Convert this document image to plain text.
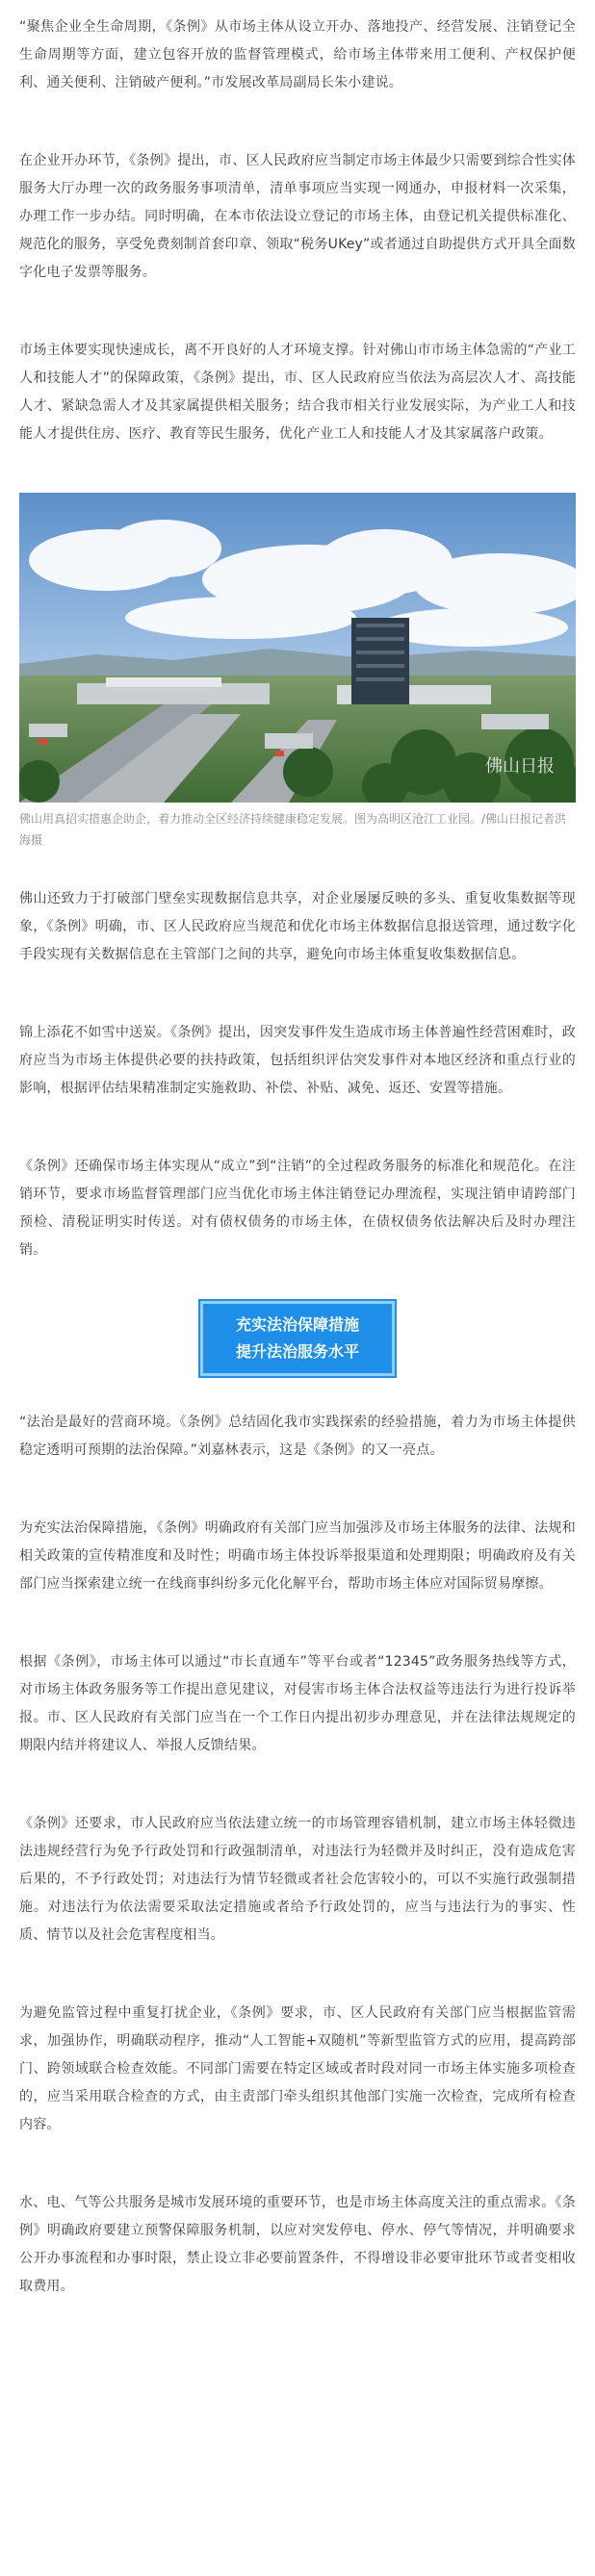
“聚焦企业全生命周期，《条例》从市场主体从设立开办、落地投产、经营发展、注销登记全生命周期等方面，建立包容开放的监督管理模式，给市场主体带来用工便利、产权保护便利、通关便利、注销破产便利。”市发展改革局副局长朱小建说。

在企业开办环节，《条例》提出，市、区人民政府应当制定市场主体最少只需要到综合性实体服务大厅办理一次的政务服务事项清单，清单事项应当实现一网通办，申报材料一次采集，办理工作一步办结。同时明确，在本市依法设立登记的市场主体，由登记机关提供标准化、规范化的服务，享受免费刻制首套印章、领取“税务UKey”或者通过自助提供方式开具全面数字化电子发票等服务。

市场主体要实现快速成长，离不开良好的人才环境支撑。针对佛山市市场主体急需的“产业工人和技能人才”的保障政策，《条例》提出，市、区人民政府应当依法为高层次人才、高技能人才、紧缺急需人才及其家属提供相关服务；结合我市相关行业发展实际，为产业工人和技能人才提供住房、医疗、教育等民生服务，优化产业工人和技能人才及其家属落户政策。

佛山日报

佛山用真招实措惠企助企，着力推动全区经济持续健康稳定发展。图为高明区沧江工业园。/佛山日报记者洪海摄

佛山还致力于打破部门壁垒实现数据信息共享，对企业屡屡反映的多头、重复收集数据等现象，《条例》明确，市、区人民政府应当规范和优化市场主体数据信息报送管理，通过数字化手段实现有关数据信息在主管部门之间的共享，避免向市场主体重复收集数据信息。

锦上添花不如雪中送炭。《条例》提出，因突发事件发生造成市场主体普遍性经营困难时，政府应当为市场主体提供必要的扶持政策，包括组织评估突发事件对本地区经济和重点行业的影响，根据评估结果精准制定实施救助、补偿、补贴、减免、返还、安置等措施。

《条例》还确保市场主体实现从“成立”到“注销”的全过程政务服务的标准化和规范化。在注销环节，要求市场监督管理部门应当优化市场主体注销登记办理流程，实现注销申请跨部门预检、清税证明实时传送。对有债权债务的市场主体，在债权债务依法解决后及时办理注销。

充实法治保障措施
提升法治服务水平

“法治是最好的营商环境。《条例》总结固化我市实践探索的经验措施，着力为市场主体提供稳定透明可预期的法治保障。”刘嘉林表示，这是《条例》的又一亮点。

为充实法治保障措施，《条例》明确政府有关部门应当加强涉及市场主体服务的法律、法规和相关政策的宣传精准度和及时性；明确市场主体投诉举报渠道和处理期限；明确政府及有关部门应当探索建立统一在线商事纠纷多元化化解平台，帮助市场主体应对国际贸易摩擦。

根据《条例》，市场主体可以通过“市长直通车”等平台或者“12345”政务服务热线等方式，对市场主体政务服务等工作提出意见建议，对侵害市场主体合法权益等违法行为进行投诉举报。市、区人民政府有关部门应当在一个工作日内提出初步办理意见，并在法律法规规定的期限内结并将建议人、举报人反馈结果。

《条例》还要求，市人民政府应当依法建立统一的市场管理容错机制，建立市场主体轻微违法违规经营行为免予行政处罚和行政强制清单，对违法行为轻微并及时纠正，没有造成危害后果的，不予行政处罚；对违法行为情节轻微或者社会危害较小的，可以不实施行政强制措施。对违法行为依法需要采取法定措施或者给予行政处罚的，应当与违法行为的事实、性质、情节以及社会危害程度相当。

为避免监管过程中重复打扰企业，《条例》要求，市、区人民政府有关部门应当根据监管需求，加强协作，明确联动程序，推动“人工智能+双随机”等新型监管方式的应用，提高跨部门、跨领域联合检查效能。不同部门需要在特定区域或者时段对同一市场主体实施多项检查的，应当采用联合检查的方式，由主责部门牵头组织其他部门实施一次检查，完成所有检查内容。

水、电、气等公共服务是城市发展环境的重要环节，也是市场主体高度关注的重点需求。《条例》明确政府要建立预警保障服务机制，以应对突发停电、停水、停气等情况，并明确要求公开办事流程和办事时限，禁止设立非必要前置条件，不得增设非必要审批环节或者变相收取费用。
